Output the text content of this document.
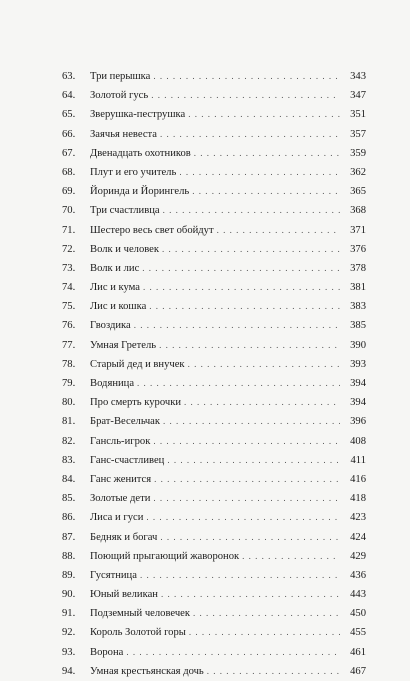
63.	Три перышка . . .	343
64.	Золотой гусь . . .	347
65.	Зверушка-пеструшка . . .	351
66.	Заячья невеста . . .	357
67.	Двенадцать охотников . . .	359
68.	Плут и его учитель . . .	362
69.	Йоринда и Йорингель . . .	365
70.	Три счастливца . . .	368
71.	Шестеро весь свет обойдут . . .	371
72.	Волк и человек . . .	376
73.	Волк и лис . . .	378
74.	Лис и кума . . .	381
75.	Лис и кошка . . .	383
76.	Гвоздика . . .	385
77.	Умная Гретель . . .	390
78.	Старый дед и внучек . . .	393
79.	Водяница . . .	394
80.	Про смерть курочки . . .	394
81.	Брат-Весельчак . . .	396
82.	Гансль-игрок . . .	408
83.	Ганс-счастливец . . .	411
84.	Ганс женится . . .	416
85.	Золотые дети . . .	418
86.	Лиса и гуси . . .	423
87.	Бедняк и богач . . .	424
88.	Поющий прыгающий жаворонок . . .	429
89.	Гусятница . . .	436
90.	Юный великан . . .	443
91.	Подземный человечек . . .	450
92.	Король Золотой горы . . .	455
93.	Ворона . . .	461
94.	Умная крестьянская дочь . . .	467
